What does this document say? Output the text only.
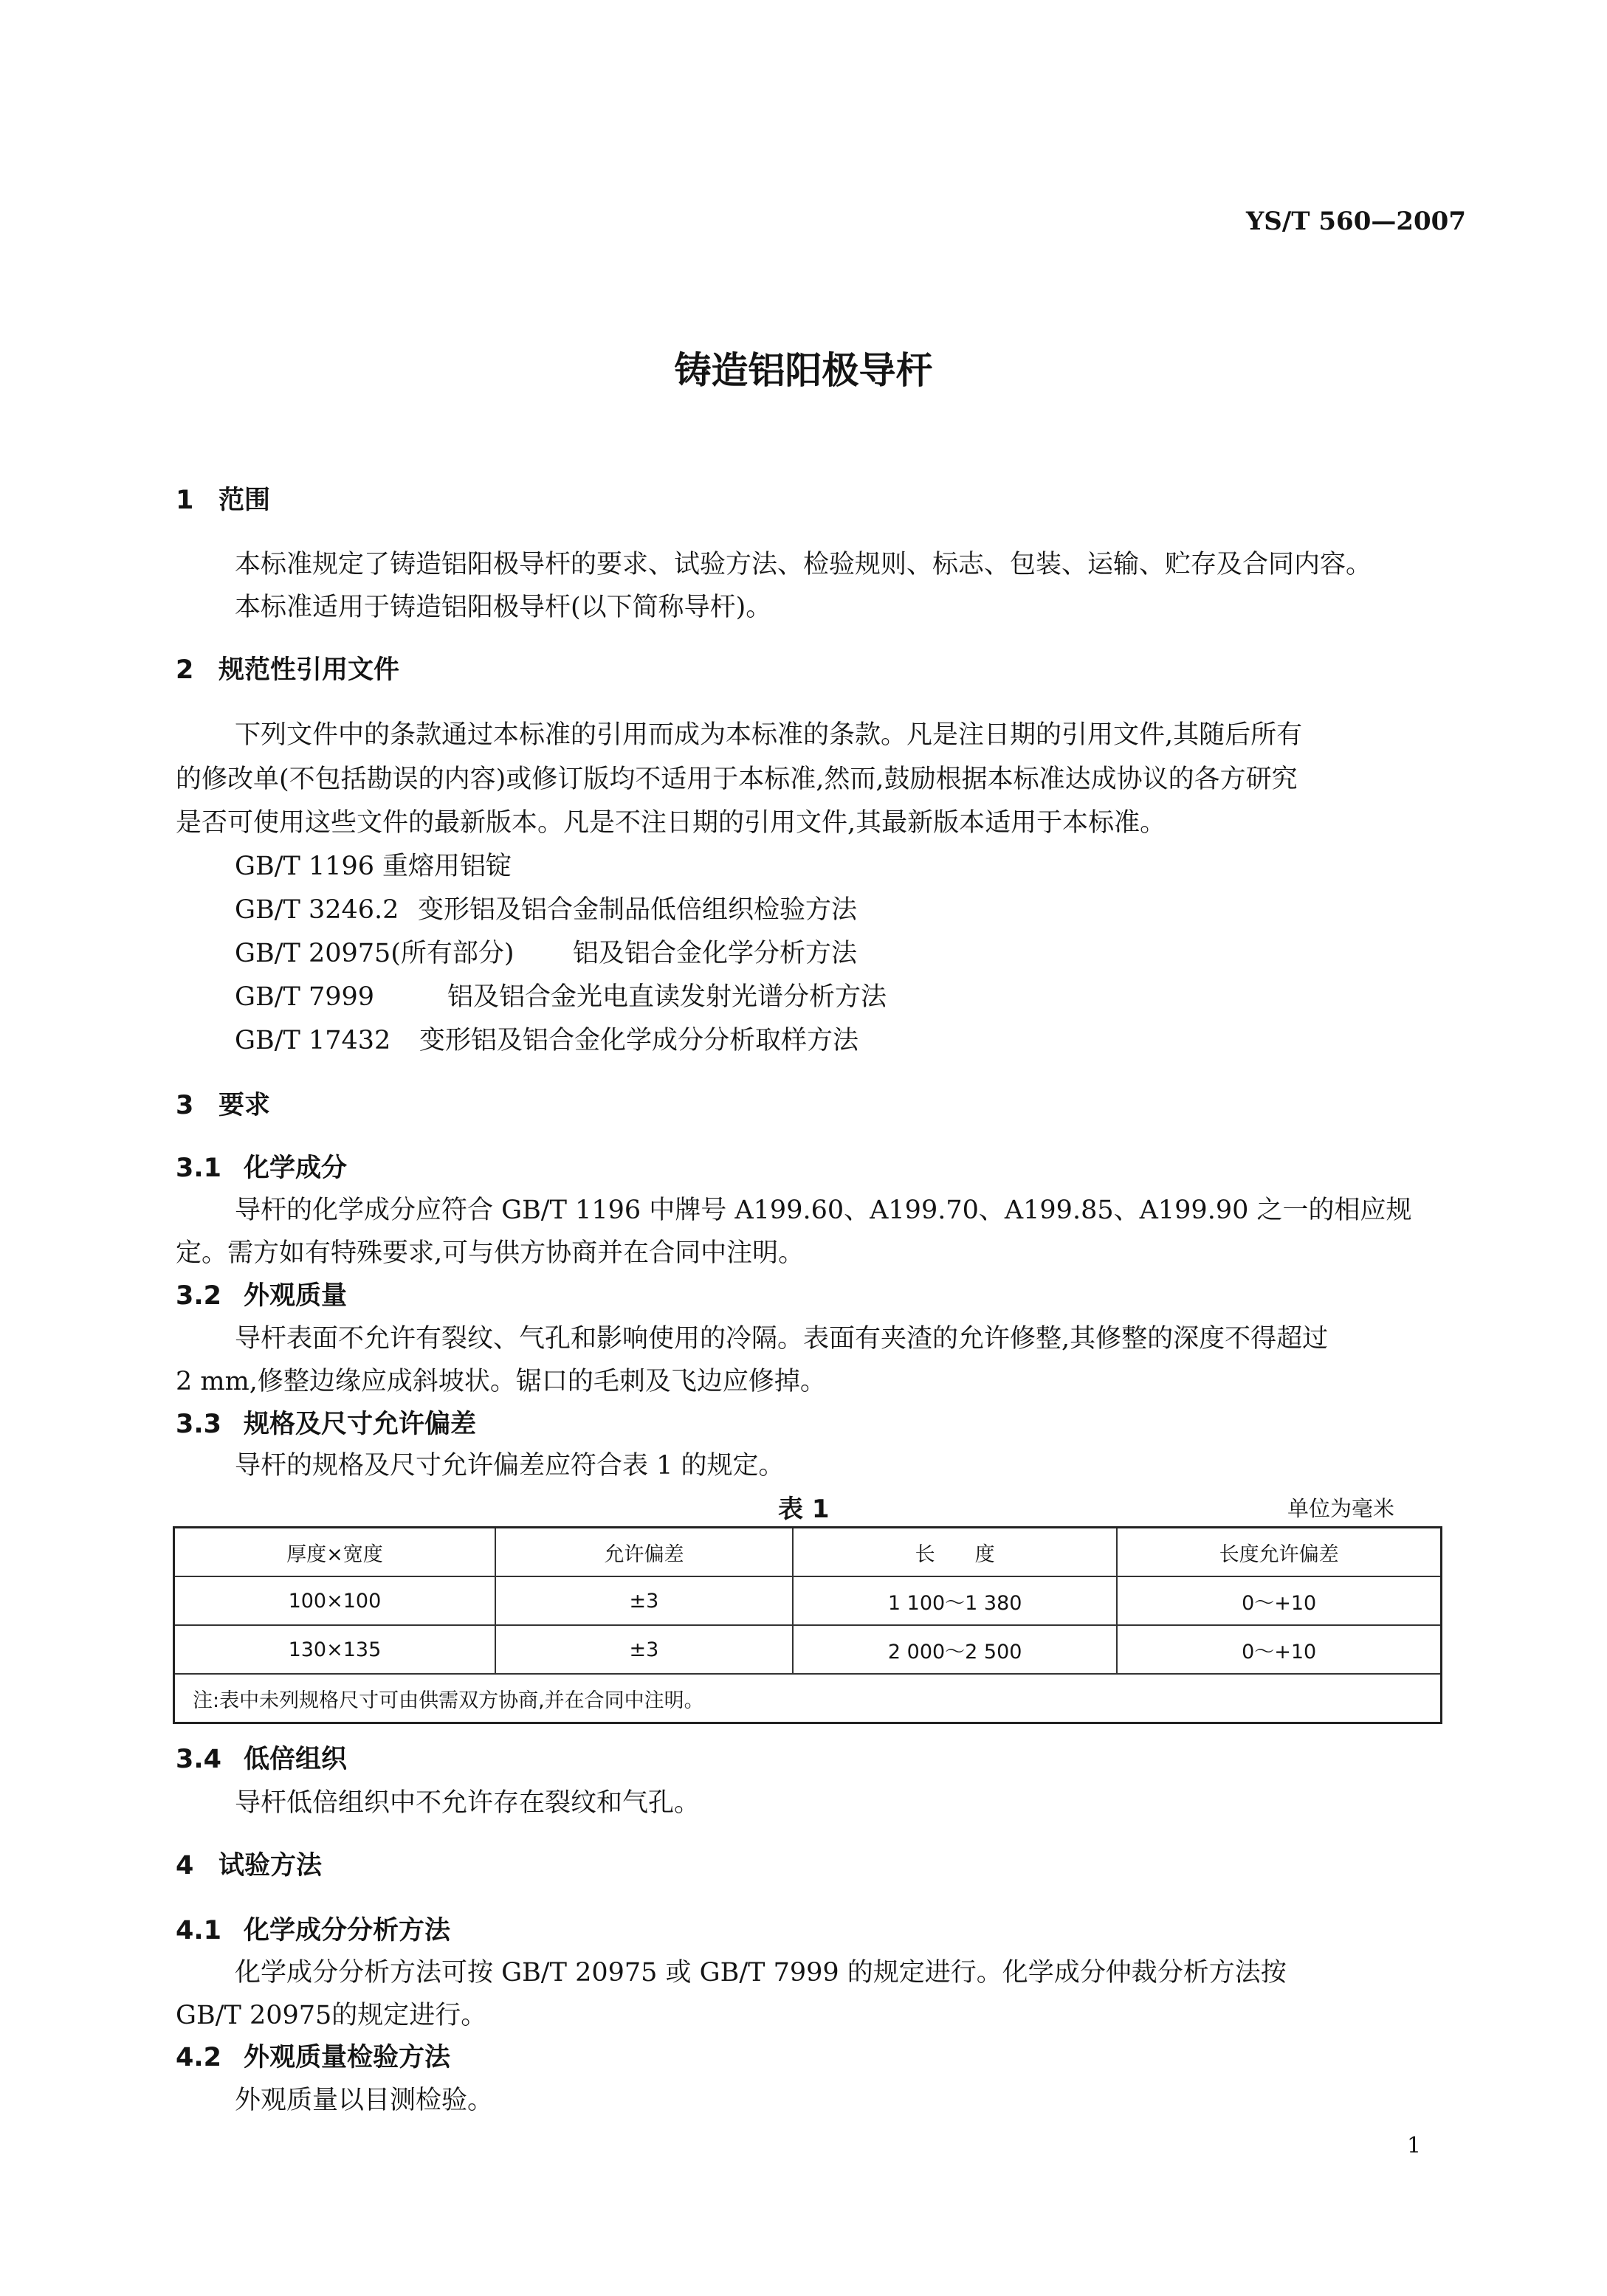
YS/T 560—2007
铸造铝阳极导杆
1 范围
本标准规定了铸造铝阳极导杆的要求、试验方法、检验规则、标志、包装、运输、贮存及合同内容。
本标准适用于铸造铝阳极导杆(以下简称导杆)。
2 规范性引用文件
下列文件中的条款通过本标准的引用而成为本标准的条款。凡是注日期的引用文件,其随后所有
的修改单(不包括勘误的内容)或修订版均不适用于本标准,然而,鼓励根据本标准达成协议的各方研究
是否可使用这些文件的最新版本。凡是不注日期的引用文件,其最新版本适用于本标准。
GB/T 1196 重熔用铝锭
GB/T 3246.2 变形铝及铝合金制品低倍组织检验方法
GB/T 20975(所有部分) 铝及铝合金化学分析方法
GB/T 7999	铝及铝合金光电直读发射光谱分析方法
GB/T 17432 变形铝及铝合金化学成分分析取样方法
3 要求
3.1 化学成分
导杆的化学成分应符合 GB/T 1196 中牌号 A199.60、A199.70、A199.85、A199.90 之一的相应规
定。需方如有特殊要求,可与供方协商并在合同中注明。
3.2 外观质量
导杆表面不允许有裂纹、气孔和影响使用的冷隔。表面有夹渣的允许修整,其修整的深度不得超过
2 mm,修整边缘应成斜坡状。锯口的毛刺及飞边应修掉。
3.3 规格及尺寸允许偏差
导杆的规格及尺寸允许偏差应符合表 1 的规定。
表 1	单位为毫米
厚度×宽度	允许偏差	长　　度	长度允许偏差
100×100	±3	1 100～1 380	0～+10
130×135	±3	2 000～2 500	0～+10
注:表中未列规格尺寸可由供需双方协商,并在合同中注明。			
3.4 低倍组织
导杆低倍组织中不允许存在裂纹和气孔。
4 试验方法
4.1 化学成分分析方法
化学成分分析方法可按 GB/T 20975 或 GB/T 7999 的规定进行。化学成分仲裁分析方法按
GB/T 20975的规定进行。
4.2 外观质量检验方法
外观质量以目测检验。
1
